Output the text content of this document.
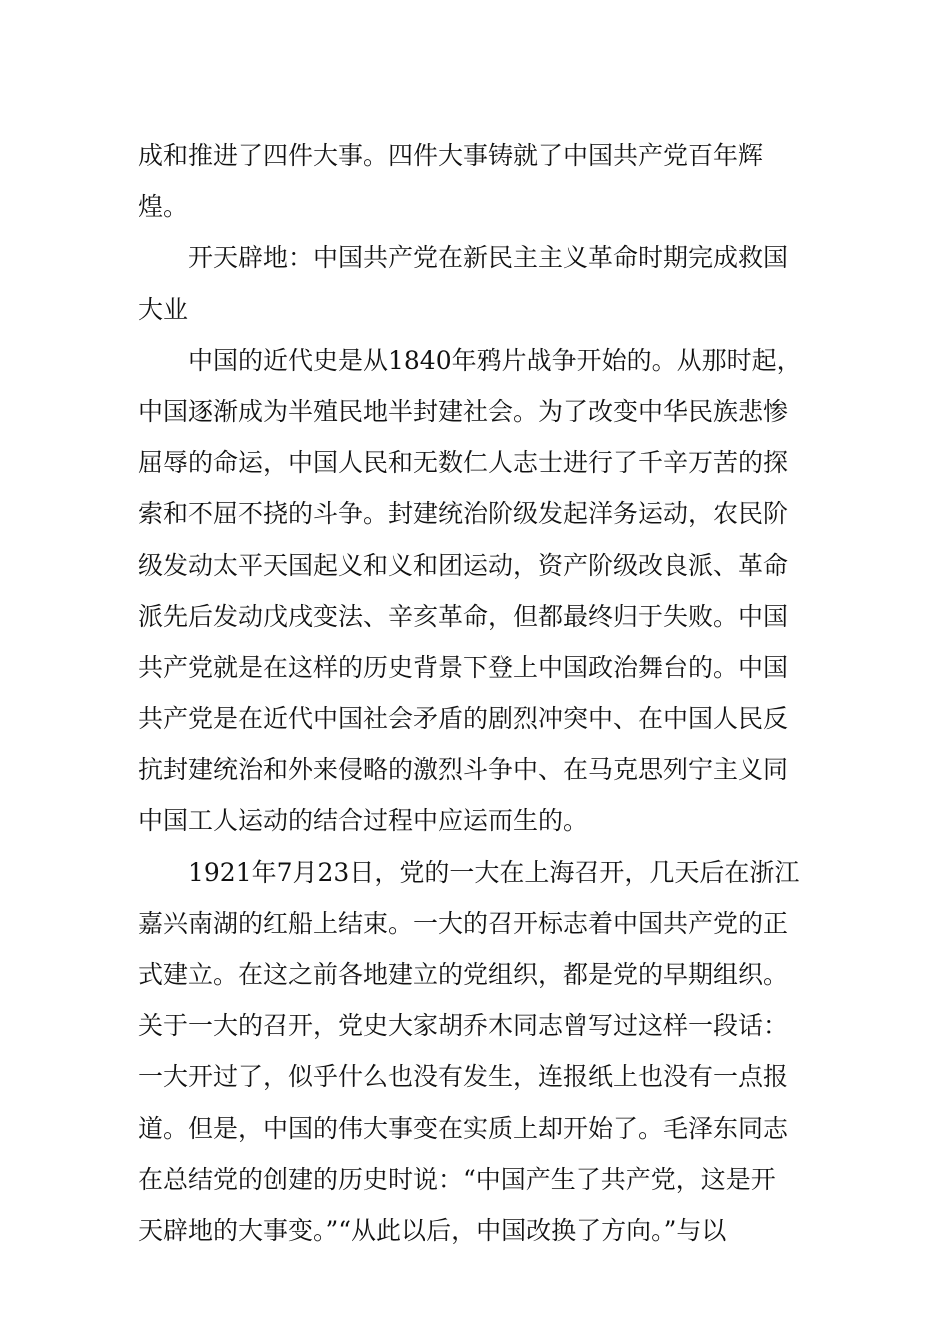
成和推进了四件大事。四件大事铸就了中国共产党百年辉
煌。
开天辟地：中国共产党在新民主主义革命时期完成救国
大业
中国的近代史是从1840年鸦片战争开始的。从那时起，
中国逐渐成为半殖民地半封建社会。为了改变中华民族悲惨
屈辱的命运，中国人民和无数仁人志士进行了千辛万苦的探
索和不屈不挠的斗争。封建统治阶级发起洋务运动，农民阶
级发动太平天国起义和义和团运动，资产阶级改良派、革命
派先后发动戊戌变法、辛亥革命，但都最终归于失败。中国
共产党就是在这样的历史背景下登上中国政治舞台的。中国
共产党是在近代中国社会矛盾的剧烈冲突中、在中国人民反
抗封建统治和外来侵略的激烈斗争中、在马克思列宁主义同
中国工人运动的结合过程中应运而生的。
1921年7月23日，党的一大在上海召开，几天后在浙江
嘉兴南湖的红船上结束。一大的召开标志着中国共产党的正
式建立。在这之前各地建立的党组织，都是党的早期组织。
关于一大的召开，党史大家胡乔木同志曾写过这样一段话：
一大开过了，似乎什么也没有发生，连报纸上也没有一点报
道。但是，中国的伟大事变在实质上却开始了。毛泽东同志
在总结党的创建的历史时说：“中国产生了共产党，这是开
天辟地的大事变。”“从此以后，中国改换了方向。”与以
